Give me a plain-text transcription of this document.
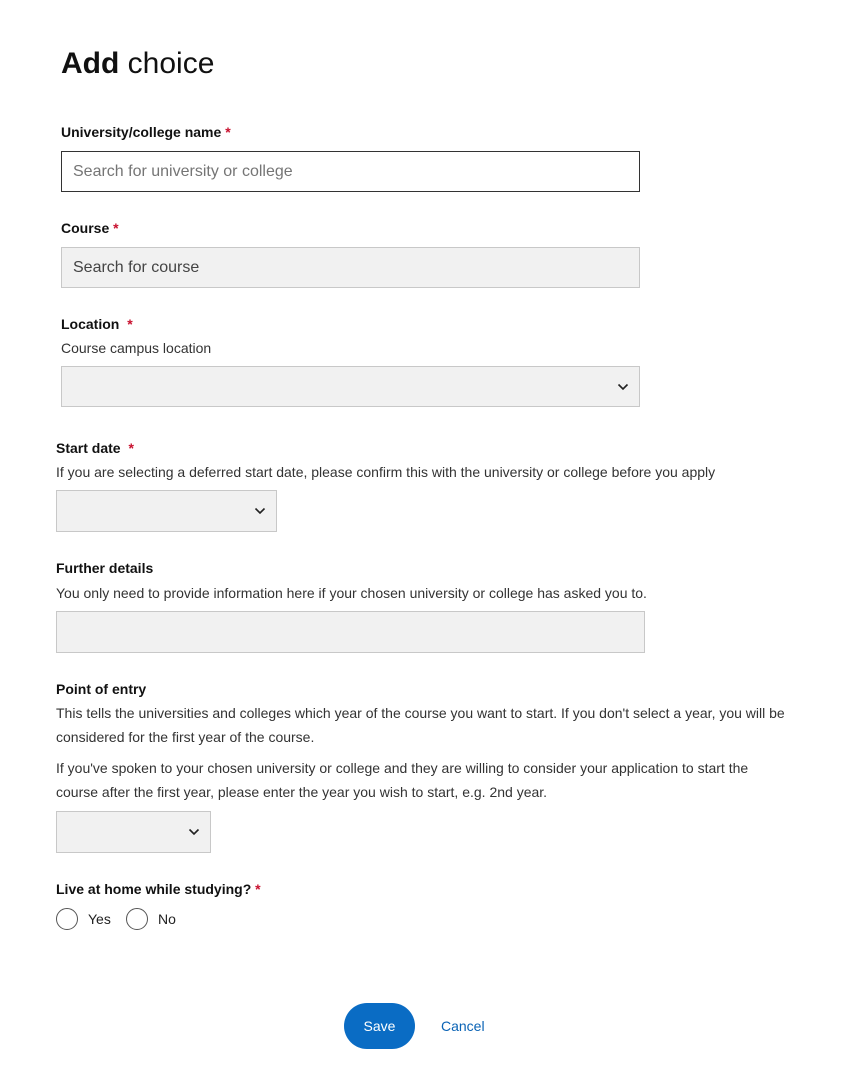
Add choice
University/college name *
Search for university or college
Course *
Search for course
Location *
Course campus location
Start date *
If you are selecting a deferred start date, please confirm this with the university or college before you apply
Further details
You only need to provide information here if your chosen university or college has asked you to.
Point of entry
This tells the universities and colleges which year of the course you want to start. If you don't select a year, you will be considered for the first year of the course.
If you've spoken to your chosen university or college and they are willing to consider your application to start the course after the first year, please enter the year you wish to start, e.g. 2nd year.
Live at home while studying? *
Yes	No
Save	Cancel
